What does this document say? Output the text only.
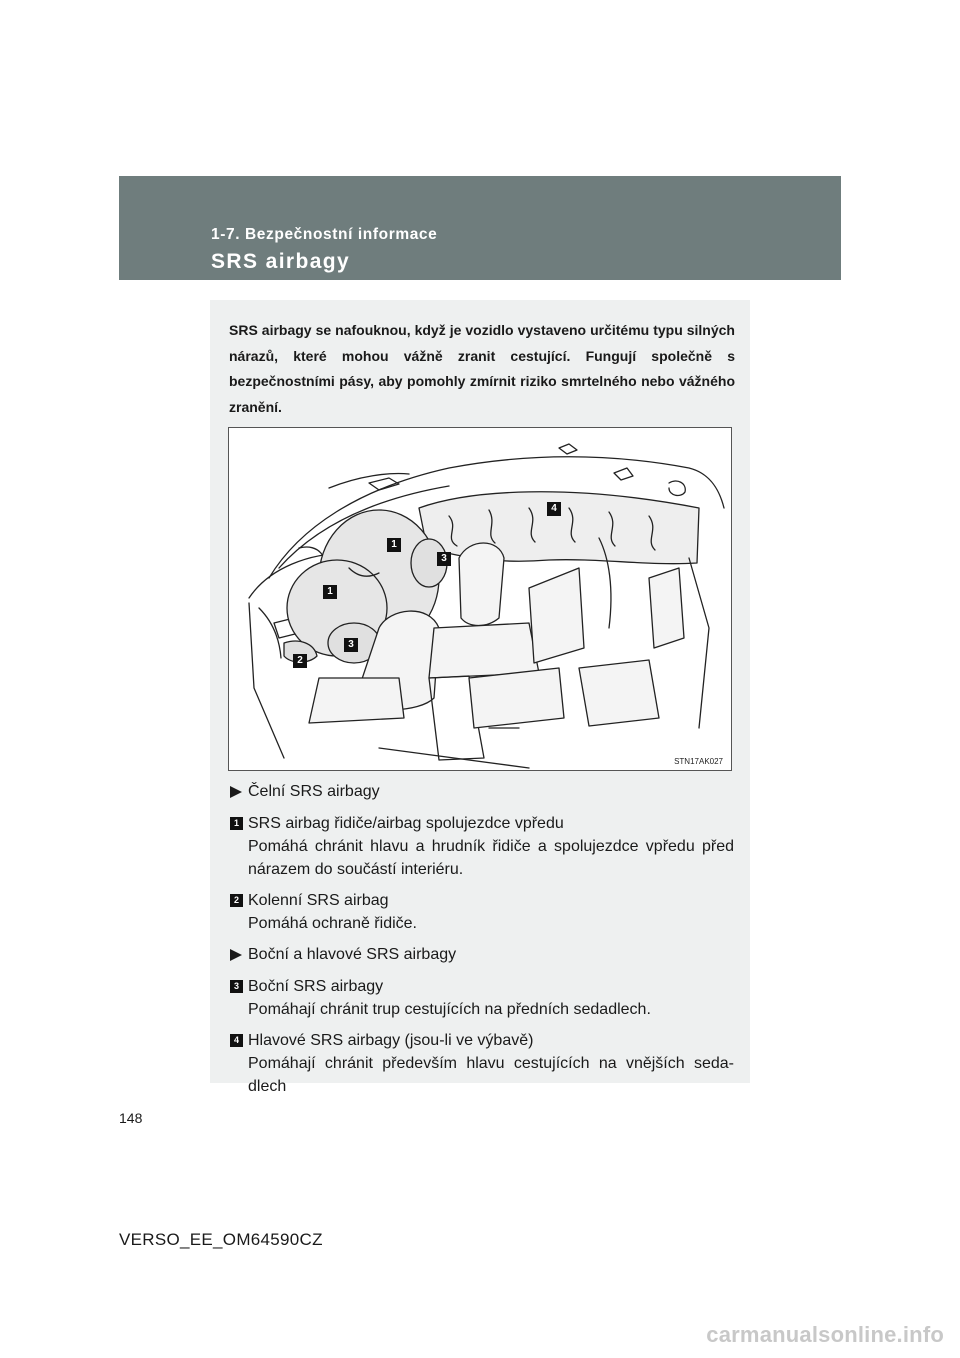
1-7. Bezpečnostní informace
SRS airbagy

SRS airbagy se nafouknou, když je vozidlo vystaveno určitému typu silných nárazů, které mohou vážně zranit cestující. Fungují společně s bezpečnostními pásy, aby pomohly zmírnit riziko smrtelného nebo vážného zranění.

1
1
2
3
3
4
STN17AK027
Čelní SRS airbagy
1 SRS airbag řidiče/airbag spolujezdce vpředu
Pomáhá chránit hlavu a hrudník řidiče a spolujezdce vpředu před nárazem do součástí interiéru.
2 Kolenní SRS airbag
Pomáhá ochraně řidiče.
Boční a hlavové SRS airbagy
3 Boční SRS airbagy
Pomáhají chránit trup cestujících na předních sedadlech.
4 Hlavové SRS airbagy (jsou-li ve výbavě)
Pomáhají chránit především hlavu cestujících na vnějších seda-dlech
148
VERSO_EE_OM64590CZ
carmanualsonline.info
